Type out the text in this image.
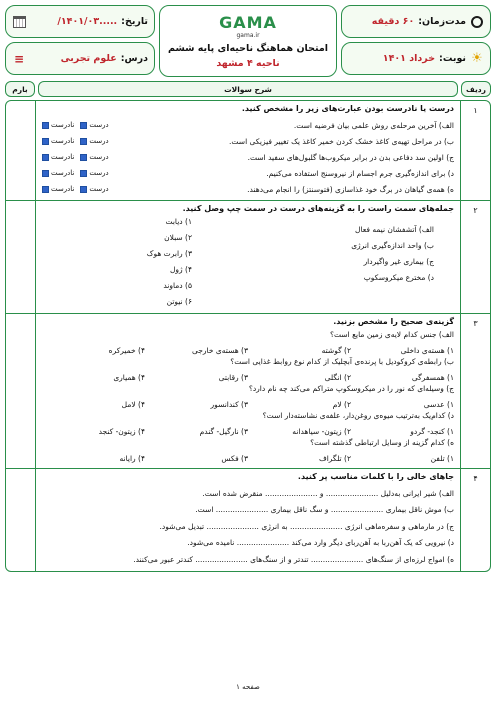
مدت‌زمان:
۶۰ دقیقه
☀
نوبت:
خرداد ۱۴۰۱
GAMA
gama.ir
امتحان هماهنگ ناحیه‌ای پایه ششم
ناحیه ۴ مشهد
تاریخ:
.....۱۴۰۱/۰۳/
درس:
علوم تجربی
≡
ردیف
شرح سوالات
بارم
۱
درست یا نادرست بودن عبارت‌های زیر را مشخص کنید.
الف) آخرین مرحله‌ی روش علمی بیان فرضیه است.
درست
نادرست
ب) در مراحل تهیه‌ی کاغذ خشک کردن خمیر کاغذ یک تغییر فیزیکی است.
درست
نادرست
ج) اولین سد دفاعی بدن در برابر میکروب‌ها گلبول‌های سفید است.
درست
نادرست
د) برای اندازه‌گیری جرم اجسام از نیروسنج استفاده می‌کنیم.
درست
نادرست
ه) همه‌ی گیاهان در برگ خود غذاسازی (فتوسنتز) را انجام می‌دهند.
درست
نادرست
۲
جمله‌های سمت راست را به گزینه‌های درست در سمت چپ وصل کنید.
الف) آتشفشان نیمه فعال
ب) واحد اندازه‌گیری انرژی
ج) بیماری غیر واگیردار
د) مخترع میکروسکوپ
۱) دیابت
۲) سبلان
۳) رابرت هوک
۴) ژول
۵) دماوند
۶) نیوتن
۳
گزینه‌ی صحیح را مشخص بزنید.
الف) جنس کدام لایه‌ی زمین مایع است؟
۱) هسته‌ی داخلی
۲) گوشته
۳) هسته‌ی خارجی
۴) خمیرکره
ب) رابطه‌ی کروکودیل با پرنده‌ی آبچلیک از کدام نوع روابط غذایی است؟
۱) همسفرگی
۲) انگلی
۳) رقابتی
۴) همیاری
ج) وسیله‌ای که نور را در میکروسکوپ متراکم می‌کند چه نام دارد؟
۱) عدسی
۲) لام
۳) کندانسور
۴) لامل
د) کدام‌یک به‌ترتیب میوه‌ی روغن‌دار، علفه‌ی نشاسته‌دار است؟
۱) کنجد- گردو
۲) زیتون- سیاهدانه
۳) نارگیل- گندم
۴) زیتون- کنجد
ه) کدام گزینه از وسایل ارتباطی گذشته است؟
۱) تلفن
۲) تلگراف
۳) فکس
۴) رایانه
۴
جاهای خالی را با کلمات مناسب پر کنید.
الف) شیر ایرانی به‌دلیل ...................... و ...................... منقرض شده است.
ب) موش ناقل بیماری ...................... و سگ ناقل بیماری ...................... است.
ج) در مارماهی و سفره‌ماهی انرژی ...................... به انرژی ...................... تبدیل می‌شود.
د) نیرویی که یک آهن‌ربا به آهن‌ربای دیگر وارد می‌کند ...................... نامیده می‌شود.
ه) امواج لرزه‌ای از سنگ‌های ...................... تندتر و از سنگ‌های ...................... کندتر عبور می‌کنند.
صفحه ۱
